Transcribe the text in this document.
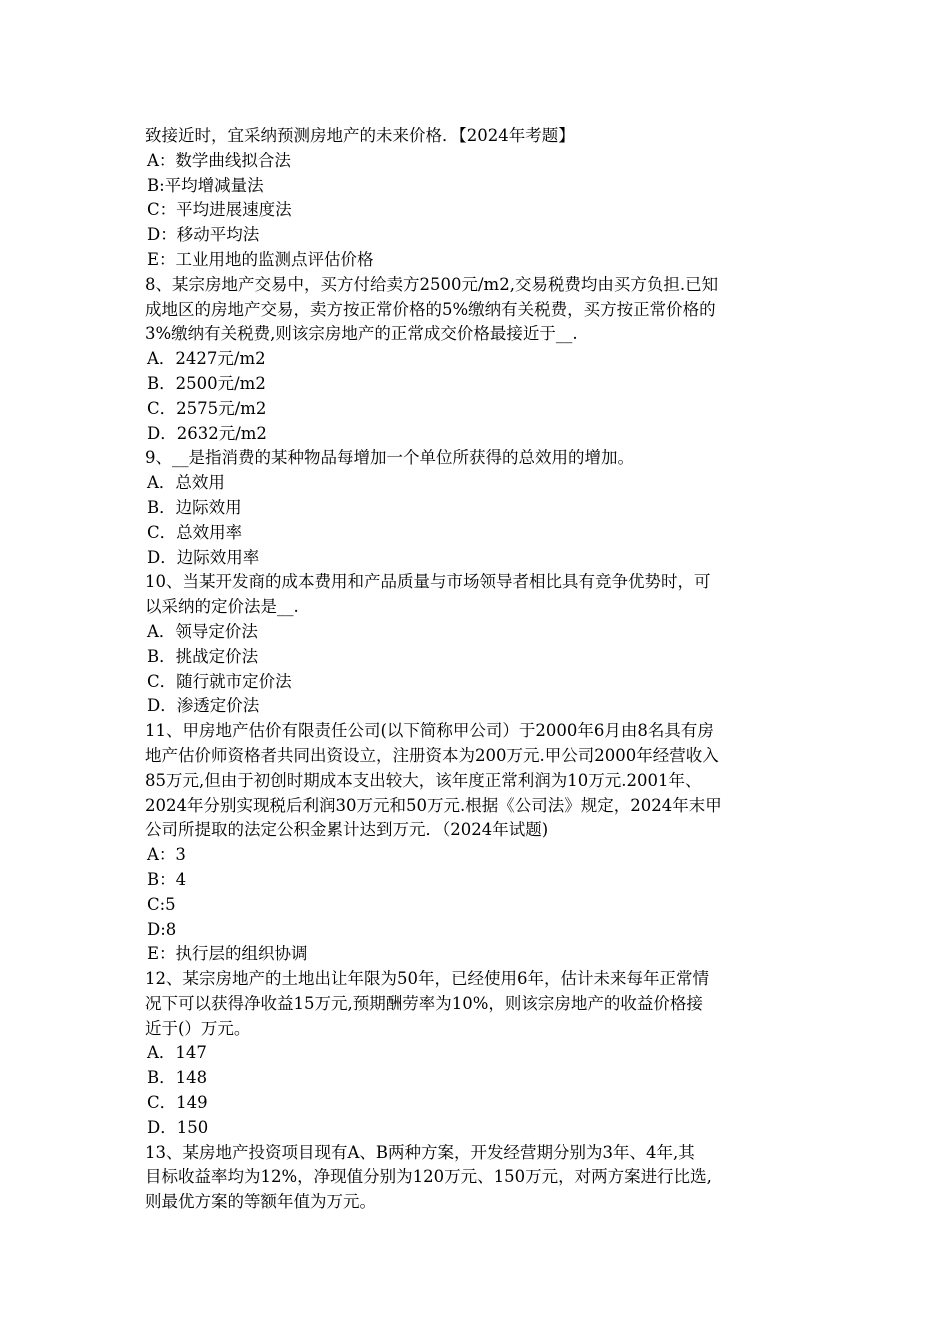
致接近时，宜采纳预测房地产的未来价格．【2024年考题】
A：数学曲线拟合法
B:平均增减量法
C：平均进展速度法
D：移动平均法
E：工业用地的监测点评估价格
8、某宗房地产交易中，买方付给卖方2500元/m2,交易税费均由买方负担.已知
成地区的房地产交易，卖方按正常价格的5%缴纳有关税费，买方按正常价格的
3%缴纳有关税费,则该宗房地产的正常成交价格最接近于__.
A．2427元/m2
B．2500元/m2
C．2575元/m2
D．2632元/m2
9、__是指消费的某种物品每增加一个单位所获得的总效用的增加。
A．总效用
B．边际效用
C．总效用率
D．边际效用率
10、当某开发商的成本费用和产品质量与市场领导者相比具有竞争优势时，可
以采纳的定价法是__.
A．领导定价法
B．挑战定价法
C．随行就市定价法
D．渗透定价法
11、甲房地产估价有限责任公司(以下简称甲公司）于2000年6月由8名具有房
地产估价师资格者共同出资设立，注册资本为200万元.甲公司2000年经营收入
85万元,但由于初创时期成本支出较大，该年度正常利润为10万元.2001年、
2024年分别实现税后利润30万元和50万元.根据《公司法》规定，2024年末甲
公司所提取的法定公积金累计达到万元．（2024年试题)
A：3
B：4
C:5
D:8
E：执行层的组织协调
12、某宗房地产的土地出让年限为50年，已经使用6年，估计未来每年正常情
况下可以获得净收益15万元,预期酬劳率为10%，则该宗房地产的收益价格接
近于(）万元。
A．147
B．148
C．149
D．150
13、某房地产投资项目现有A、B两种方案，开发经营期分别为3年、4年,其
目标收益率均为12%，净现值分别为120万元、150万元，对两方案进行比选,
则最优方案的等额年值为万元。
